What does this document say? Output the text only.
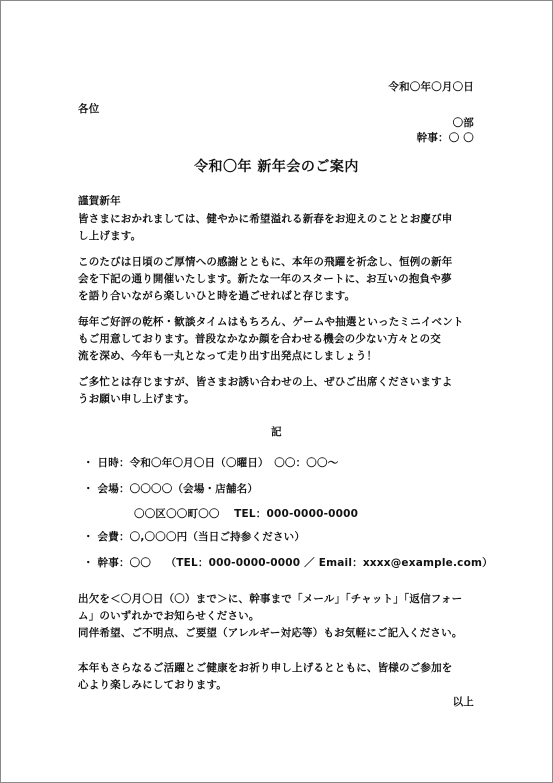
令和〇年〇月〇日
各位
〇部
幹事：〇 〇
令和〇年 新年会のご案内
謹賀新年
皆さまにおかれましては、健やかに希望溢れる新春をお迎えのこととお慶び申
し上げます。
このたびは日頃のご厚情への感謝とともに、本年の飛躍を祈念し、恒例の新年
会を下記の通り開催いたします。新たな一年のスタートに、お互いの抱負や夢
を語り合いながら楽しいひと時を過ごせればと存じます。
毎年ご好評の乾杯・歓談タイムはもちろん、ゲームや抽選といったミニイベント
もご用意しております。普段なかなか顔を合わせる機会の少ない方々との交
流を深め、今年も一丸となって走り出す出発点にしましょう！
ご多忙とは存じますが、皆さまお誘い合わせの上、ぜひご出席くださいますよ
うお願い申し上げます。
記
・ 日時：令和〇年〇月〇日（〇曜日）　〇〇：〇〇～
・ 会場：〇〇〇〇（会場・店舗名）
〇〇区〇〇町〇〇　 TEL：000-0000-0000
・ 会費：〇,〇〇〇円（当日ご持参ください）
・ 幹事：〇〇　 （TEL：000-0000-0000 ／ Email：xxxx@example.com）
出欠を＜〇月〇日（〇）まで＞に、幹事まで「メール」「チャット」「返信フォー
ム」のいずれかでお知らせください。
同伴希望、ご不明点、ご要望（アレルギー対応等）もお気軽にご記入ください。
本年もさらなるご活躍とご健康をお祈り申し上げるとともに、皆様のご参加を
心より楽しみにしております。
以上
